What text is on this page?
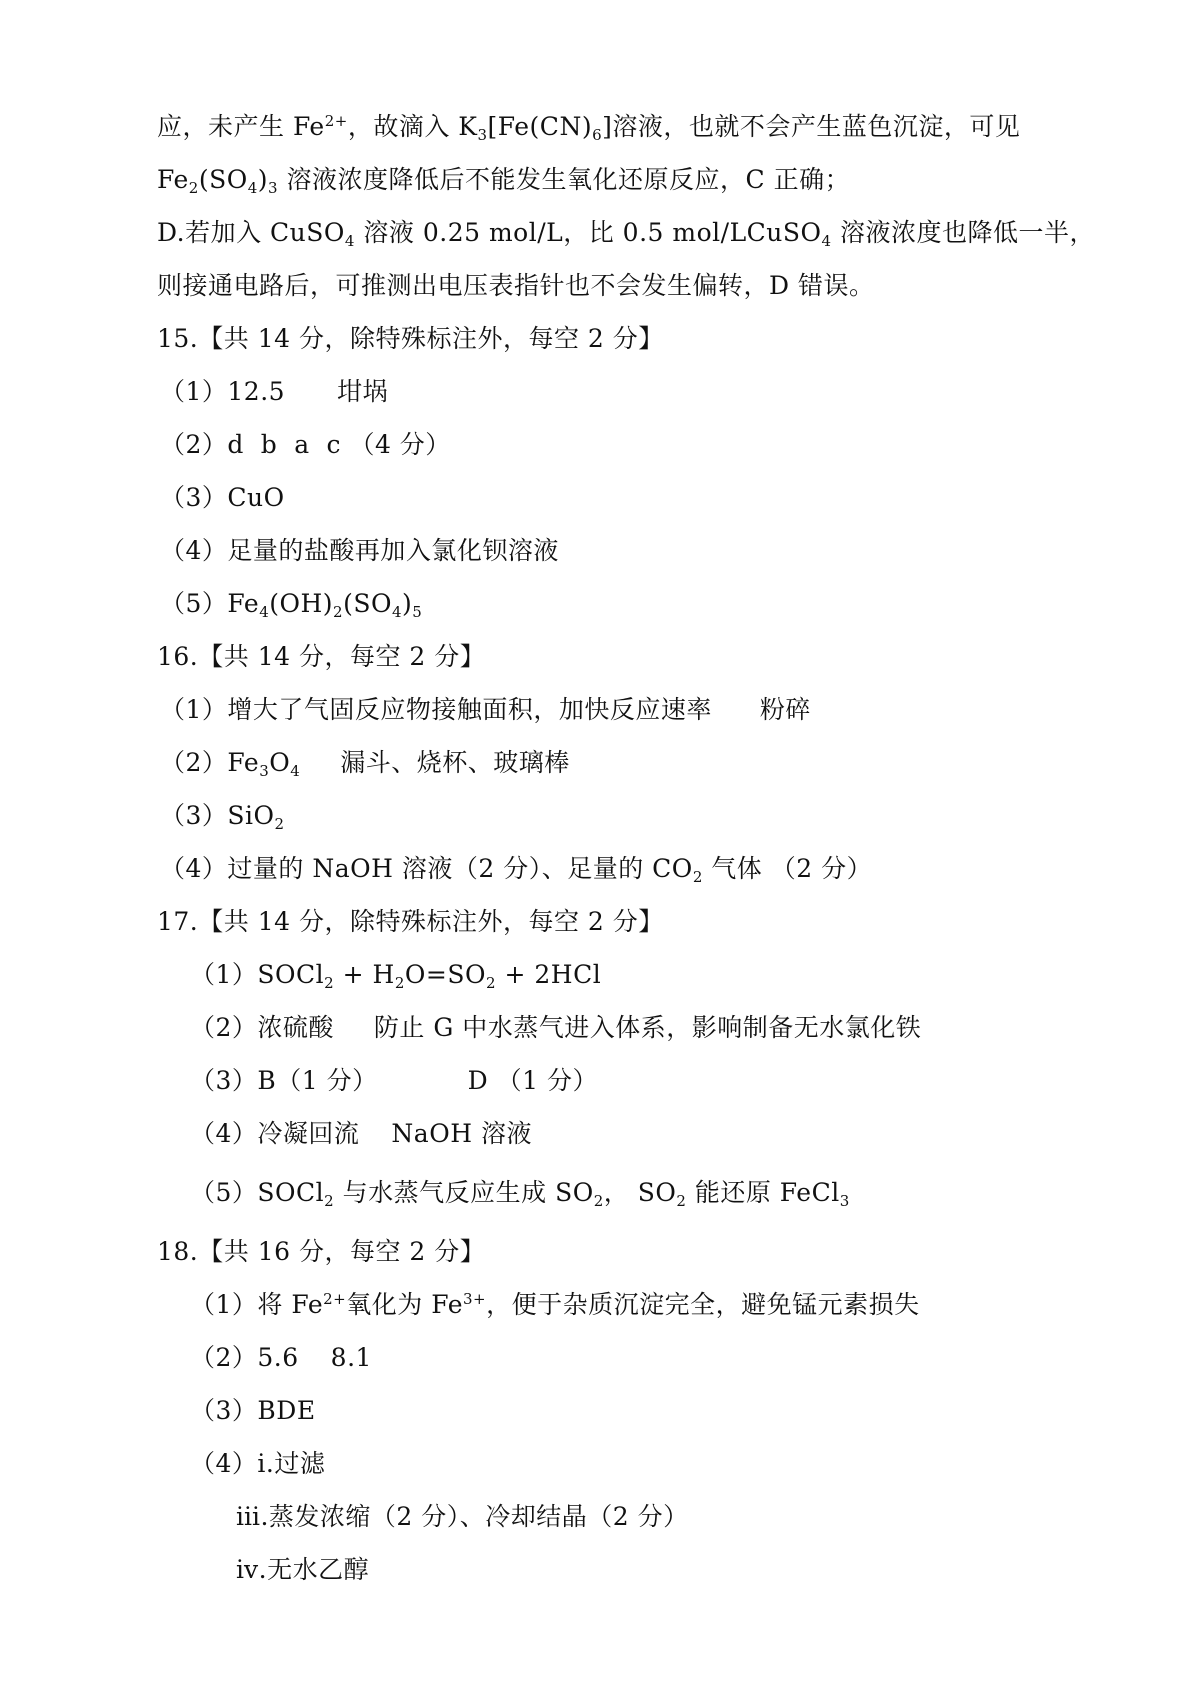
应，未产生 $Fe^{2+}$，故滴入 $K_3[Fe(CN)_6]$溶液，也就不会产生蓝色沉淀，可见
$Fe_2(SO_4)_3$ 溶液浓度降低后不能发生氧化还原反应，C 正确；
D.若加入 CuSO$_4$ 溶液 0.25 mol/L，比 0.5 mol/LCuSO$_4$ 溶液浓度也降低一半，
则接通电路后，可推测出电压表指针也不会发生偏转，D 错误。
15.【共 14 分，除特殊标注外，每空 2 分】
（1）12.5 坩埚
（2）d  b  a  c （4 分）
（3）CuO
（4）足量的盐酸再加入氯化钡溶液
$(5)Fe_4(OH)_2(SO_4)_5$
16.【共 14 分，每空 2 分】
（1）增大了气固反应物接触面积，加快反应速率 粉碎
$(2)Fe_3O_4$ 漏斗、烧杯、玻璃棒
（3）SiO$_2$
（4）过量的 NaOH 溶液（2 分）、足量的 $CO_2$ 气体 （2 分）
17.【共 14 分，除特殊标注外，每空 2 分】
（1）SOCl$_2$ + $H_2O=SO_2 + 2HCl$
（2）浓硫酸 防止 G 中水蒸气进入体系，影响制备无水氯化铁
（3）B（1 分）	D （1 分）
（4）冷凝回流 NaOH 溶液
（5）SOCl$_2$ 与水蒸气反应生成 $SO_2$， $SO_2$ 能还原 FeCl$_3$
18.【共 16 分，每空 2 分】
（1）将 $Fe^{2+}$氧化为 $Fe^{3+}$，便于杂质沉淀完全，避免锰元素损失
（2）5.6 8.1
（3）BDE
（4）ⅰ.过滤
ⅲ.蒸发浓缩（2 分）、冷却结晶（2 分）
ⅳ.无水乙醇
